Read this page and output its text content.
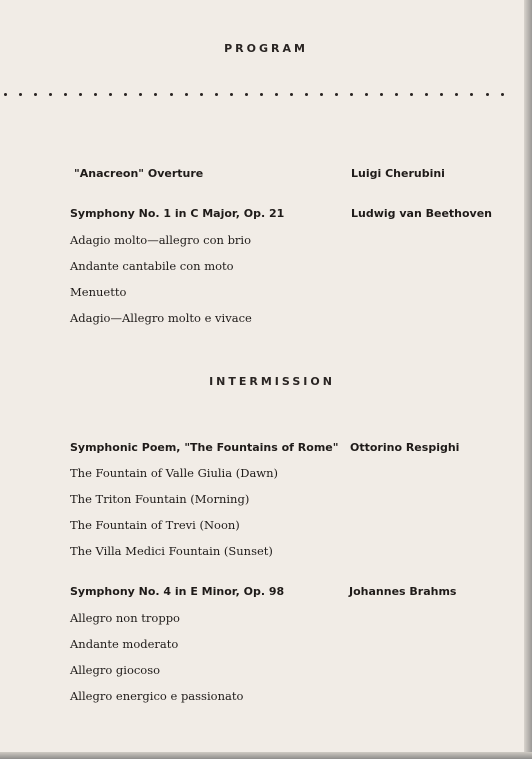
PROGRAM
"Anacreon" Overture	Luigi Cherubini
Symphony No. 1 in C Major, Op. 21	Ludwig van Beethoven
Adagio molto—allegro con brio
Andante cantabile con moto
Menuetto
Adagio—Allegro molto e vivace
INTERMISSION
Symphonic Poem, "The Fountains of Rome" Ottorino Respighi
The Fountain of Valle Giulia (Dawn)
The Triton Fountain (Morning)
The Fountain of Trevi (Noon)
The Villa Medici Fountain (Sunset)
Symphony No. 4 in E Minor, Op. 98	Johannes Brahms
Allegro non troppo
Andante moderato
Allegro giocoso
Allegro energico e passionato
